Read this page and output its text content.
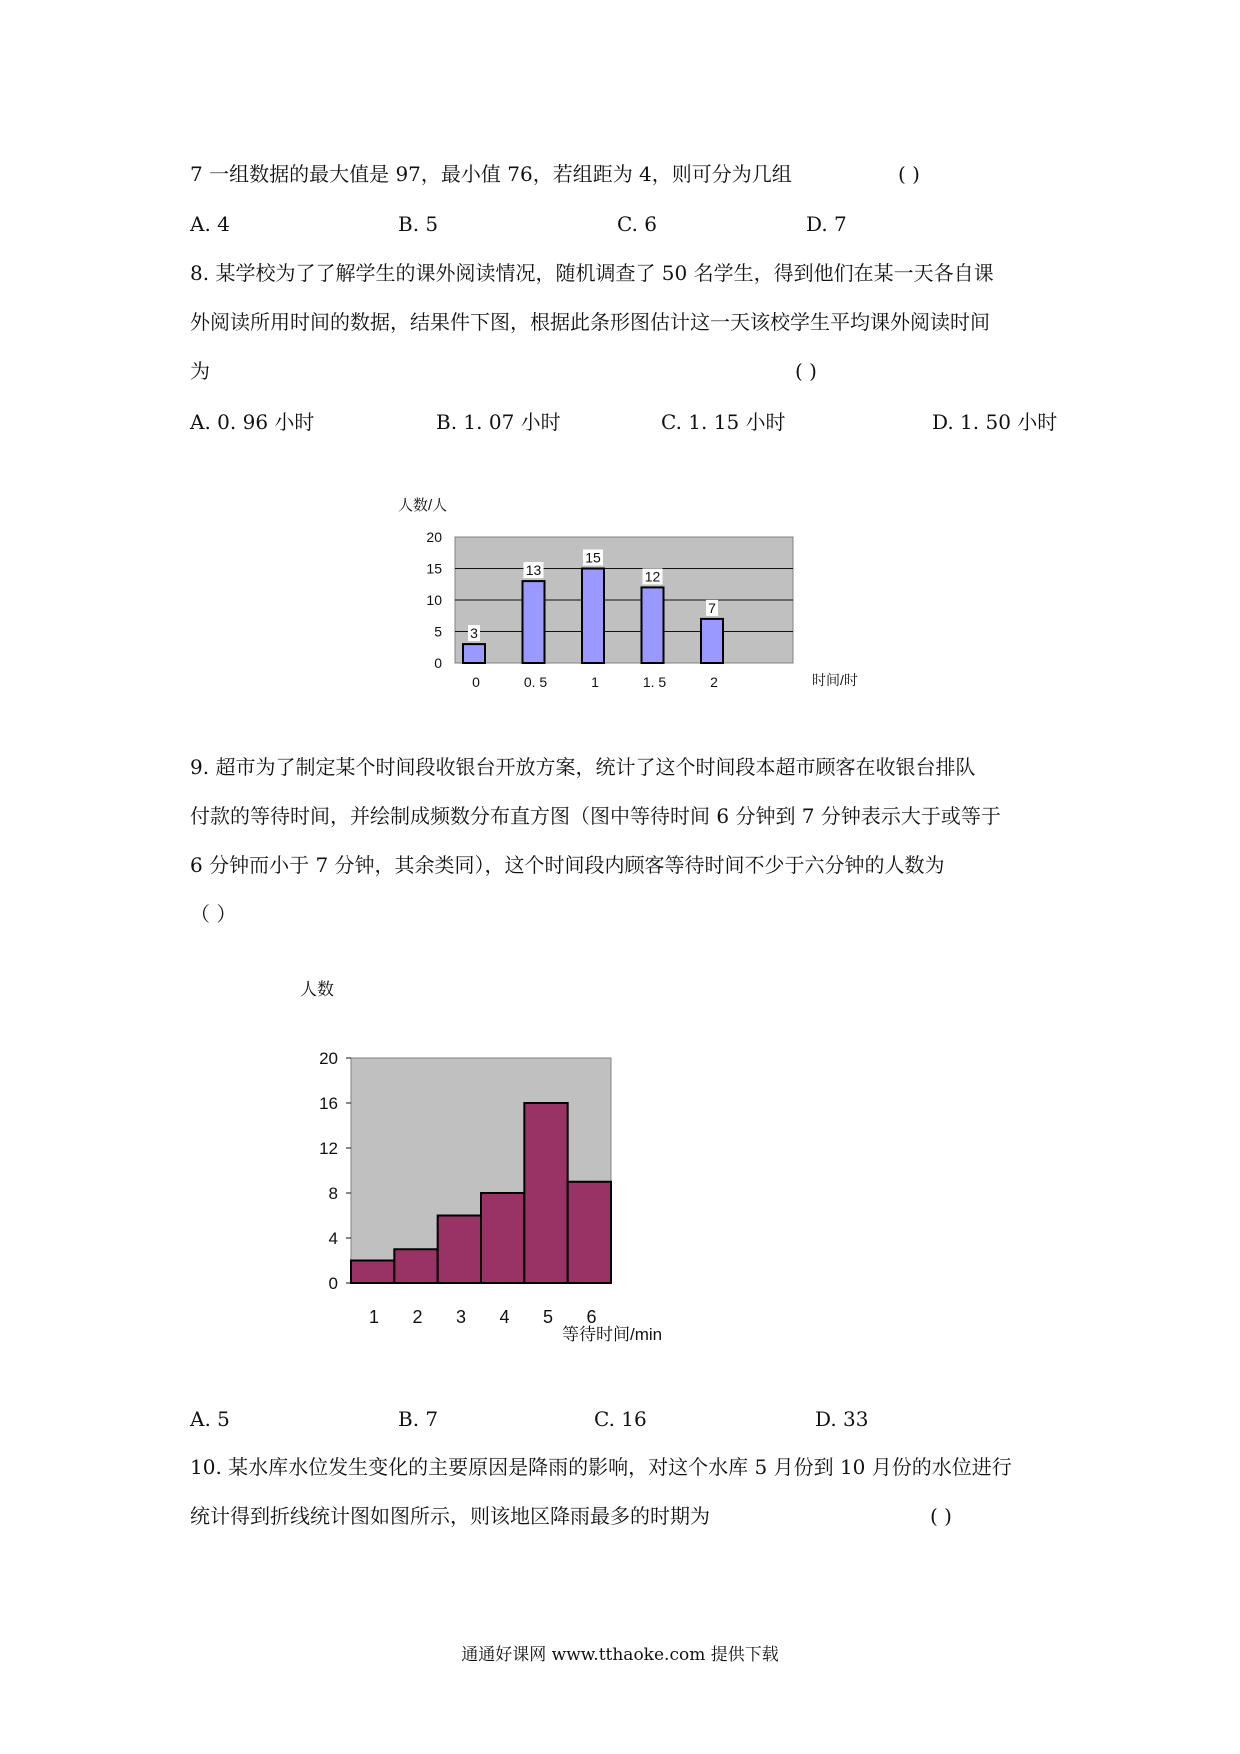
7 一组数据的最大值是 97，最小值 76，若组距为 4，则可分为几组	( )
A. 4	B. 5	C. 6	D. 7
8. 某学校为了了解学生的课外阅读情况，随机调查了 50 名学生，得到他们在某一天各自课
外阅读所用时间的数据，结果件下图，根据此条形图估计这一天该校学生平均课外阅读时间
为	( )
A. 0. 96 小时	B. 1. 07 小时	C. 1. 15 小时	D. 1. 50 小时
人数/人
0
5
10
15
20
3
0
13
0. 5
15
1
12
1. 5
7
2	时间/时
9. 超市为了制定某个时间段收银台开放方案，统计了这个时间段本超市顾客在收银台排队
付款的等待时间，并绘制成频数分布直方图（图中等待时间 6 分钟到 7 分钟表示大于或等于
6 分钟而小于 7 分钟，其余类同），这个时间段内顾客等待时间不少于六分钟的人数为
（ ）
人数
0
4
8
12
16
20
1 2 3 4 5 6
等待时间/min
A. 5	B. 7	C. 16	D. 33
10. 某水库水位发生变化的主要原因是降雨的影响，对这个水库 5 月份到 10 月份的水位进行
统计得到折线统计图如图所示，则该地区降雨最多的时期为	( )
通通好课网 www.tthaoke.com 提供下载
